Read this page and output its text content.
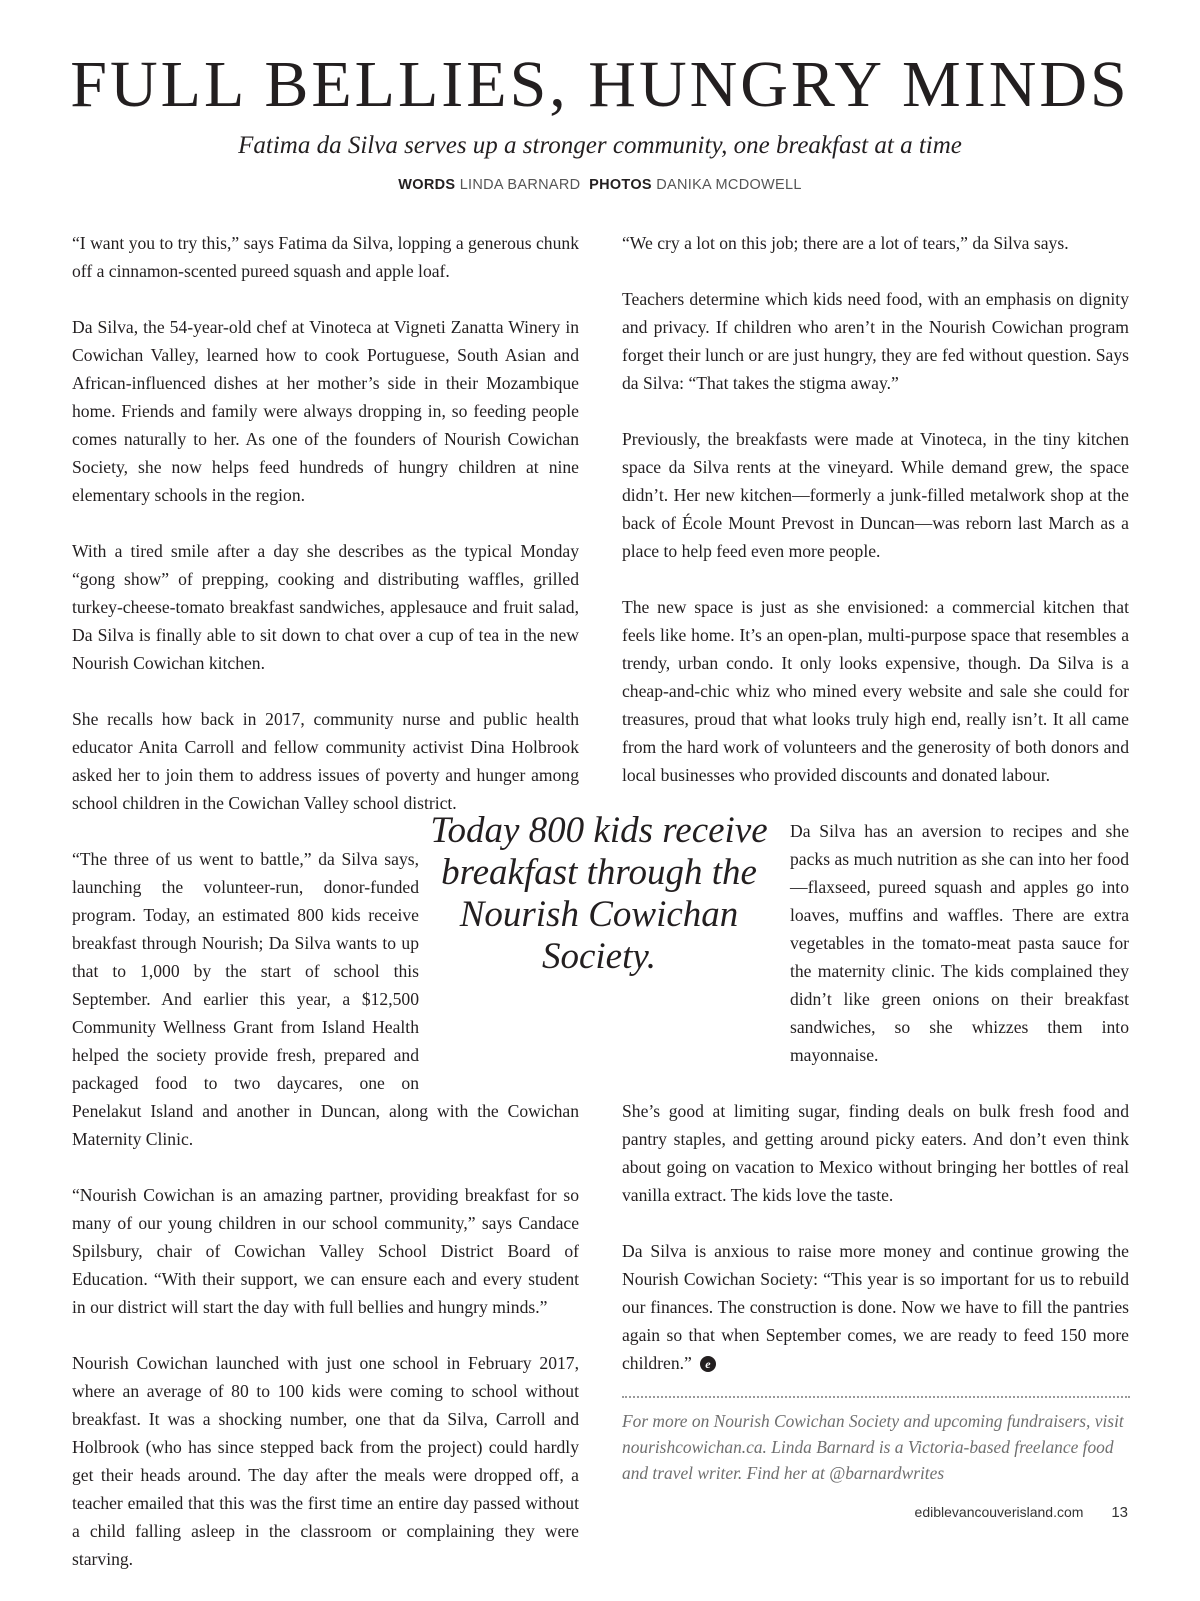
FULL BELLIES, HUNGRY MINDS

Fatima da Silva serves up a stronger community, one breakfast at a time

WORDS LINDA BARNARD PHOTOS DANIKA MCDOWELL

“I want you to try this,” says Fatima da Silva, lopping a generous chunk off a cinnamon-scented pureed squash and apple loaf.

Da Silva, the 54-year-old chef at Vinoteca at Vigneti Zanatta Winery in Cowichan Valley, learned how to cook Portuguese, South Asian and African-influenced dishes at her mother’s side in their Mozambique home. Friends and family were always dropping in, so feeding people comes naturally to her. As one of the founders of Nourish Cowichan Society, she now helps feed hundreds of hungry children at nine elementary schools in the region.

With a tired smile after a day she describes as the typical Monday “gong show” of prepping, cooking and distributing waffles, grilled turkey-cheese-tomato breakfast sandwiches, applesauce and fruit salad, Da Silva is finally able to sit down to chat over a cup of tea in the new Nourish Cowichan kitchen.

She recalls how back in 2017, community nurse and public health educator Anita Carroll and fellow community activist Dina Holbrook asked her to join them to address issues of poverty and hunger among school children in the Cowichan Valley school district.

“The three of us went to battle,” da Silva says, launching the volunteer-run, donor-funded program. Today, an estimated 800 kids receive breakfast through Nourish; Da Silva wants to up that to 1,000 by the start of school this September. And earlier this year, a $12,500 Community Wellness Grant from Island Health helped the society provide fresh, prepared and packaged food to two daycares, one on Penelakut Island and another in Duncan, along with the Cowichan Maternity Clinic.

“Nourish Cowichan is an amazing partner, providing breakfast for so many of our young children in our school community,” says Candace Spilsbury, chair of Cowichan Valley School District Board of Education. “With their support, we can ensure each and every student in our district will start the day with full bellies and hungry minds.”

Nourish Cowichan launched with just one school in February 2017, where an average of 80 to 100 kids were coming to school without breakfast. It was a shocking number, one that da Silva, Carroll and Holbrook (who has since stepped back from the project) could hardly get their heads around. The day after the meals were dropped off, a teacher emailed that this was the first time an entire day passed without a child falling asleep in the classroom or complaining they were starving.

“We cry a lot on this job; there are a lot of tears,” da Silva says.

Teachers determine which kids need food, with an emphasis on dignity and privacy. If children who aren’t in the Nourish Cowichan program forget their lunch or are just hungry, they are fed without question. Says da Silva: “That takes the stigma away.”

Previously, the breakfasts were made at Vinoteca, in the tiny kitchen space da Silva rents at the vineyard. While demand grew, the space didn’t. Her new kitchen—formerly a junk-filled metalwork shop at the back of École Mount Prevost in Duncan—was reborn last March as a place to help feed even more people.

The new space is just as she envisioned: a commercial kitchen that feels like home. It’s an open-plan, multi-purpose space that resembles a trendy, urban condo. It only looks expensive, though. Da Silva is a cheap-and-chic whiz who mined every website and sale she could for treasures, proud that what looks truly high end, really isn’t. It all came from the hard work of volunteers and the generosity of both donors and local businesses who provided discounts and donated labour.

Da Silva has an aversion to recipes and she packs as much nutrition as she can into her food—flaxseed, pureed squash and apples go into loaves, muffins and waffles. There are extra vegetables in the tomato-meat pasta sauce for the maternity clinic. The kids complained they didn’t like green onions on their breakfast sandwiches, so she whizzes them into mayonnaise.

She’s good at limiting sugar, finding deals on bulk fresh food and pantry staples, and getting around picky eaters. And don’t even think about going on vacation to Mexico without bringing her bottles of real vanilla extract. The kids love the taste.

Da Silva is anxious to raise more money and continue growing the Nourish Cowichan Society: “This year is so important for us to rebuild our finances. The construction is done. Now we have to fill the pantries again so that when September comes, we are ready to feed 150 more children.” e

Today 800 kids receive breakfast through the Nourish Cowichan Society.
For more on Nourish Cowichan Society and upcoming fundraisers, visit nourishcowichan.ca. Linda Barnard is a Victoria-based freelance food and travel writer. Find her at @barnardwrites
ediblevancouverisland.com 13
